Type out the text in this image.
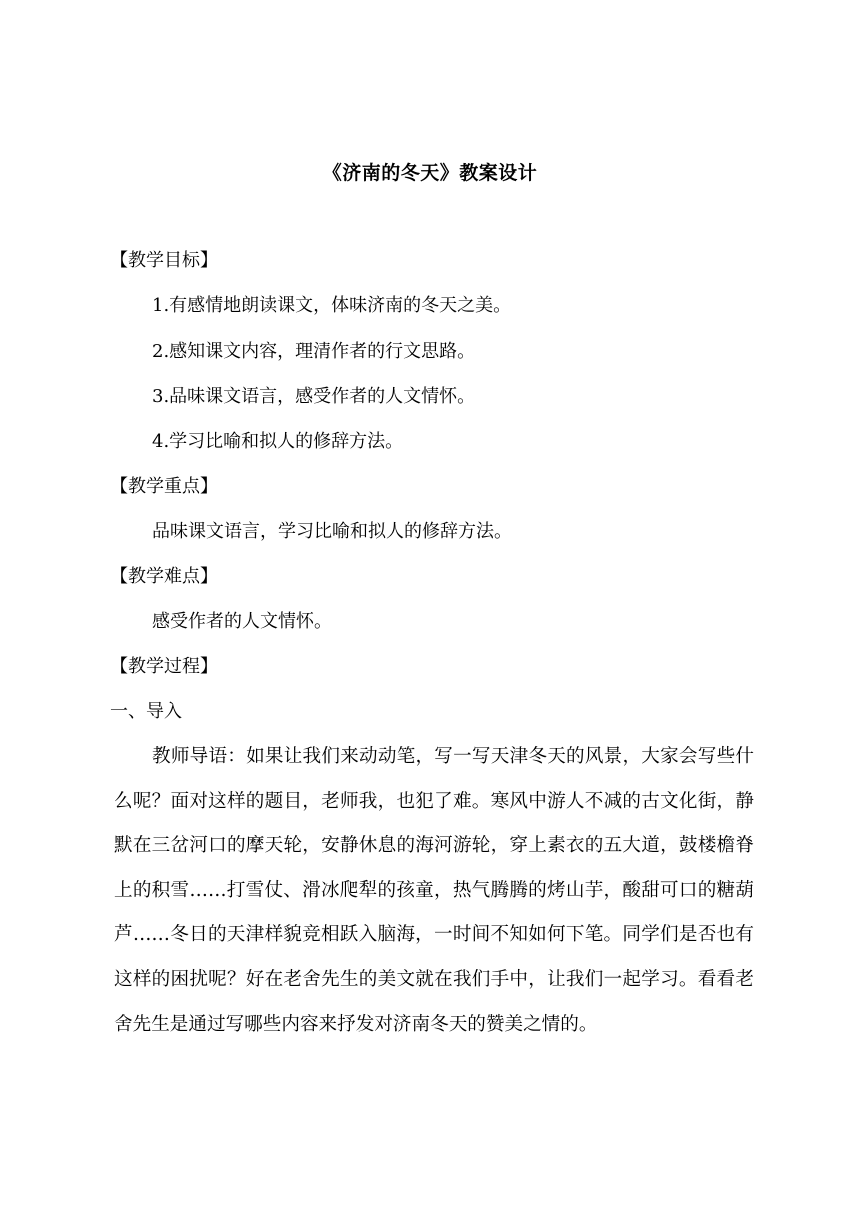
《济南的冬天》教案设计
【教学目标】
1.有感情地朗读课文，体味济南的冬天之美。
2.感知课文内容，理清作者的行文思路。
3.品味课文语言，感受作者的人文情怀。
4.学习比喻和拟人的修辞方法。
【教学重点】
品味课文语言，学习比喻和拟人的修辞方法。
【教学难点】
感受作者的人文情怀。
【教学过程】
一、导入
教师导语：如果让我们来动动笔，写一写天津冬天的风景，大家会写些什么呢？面对这样的题目，老师我，也犯了难。寒风中游人不减的古文化街，静默在三岔河口的摩天轮，安静休息的海河游轮，穿上素衣的五大道，鼓楼檐脊上的积雪……打雪仗、滑冰爬犁的孩童，热气腾腾的烤山芋，酸甜可口的糖葫芦……冬日的天津样貌竞相跃入脑海，一时间不知如何下笔。同学们是否也有这样的困扰呢？好在老舍先生的美文就在我们手中，让我们一起学习。看看老舍先生是通过写哪些内容来抒发对济南冬天的赞美之情的。
